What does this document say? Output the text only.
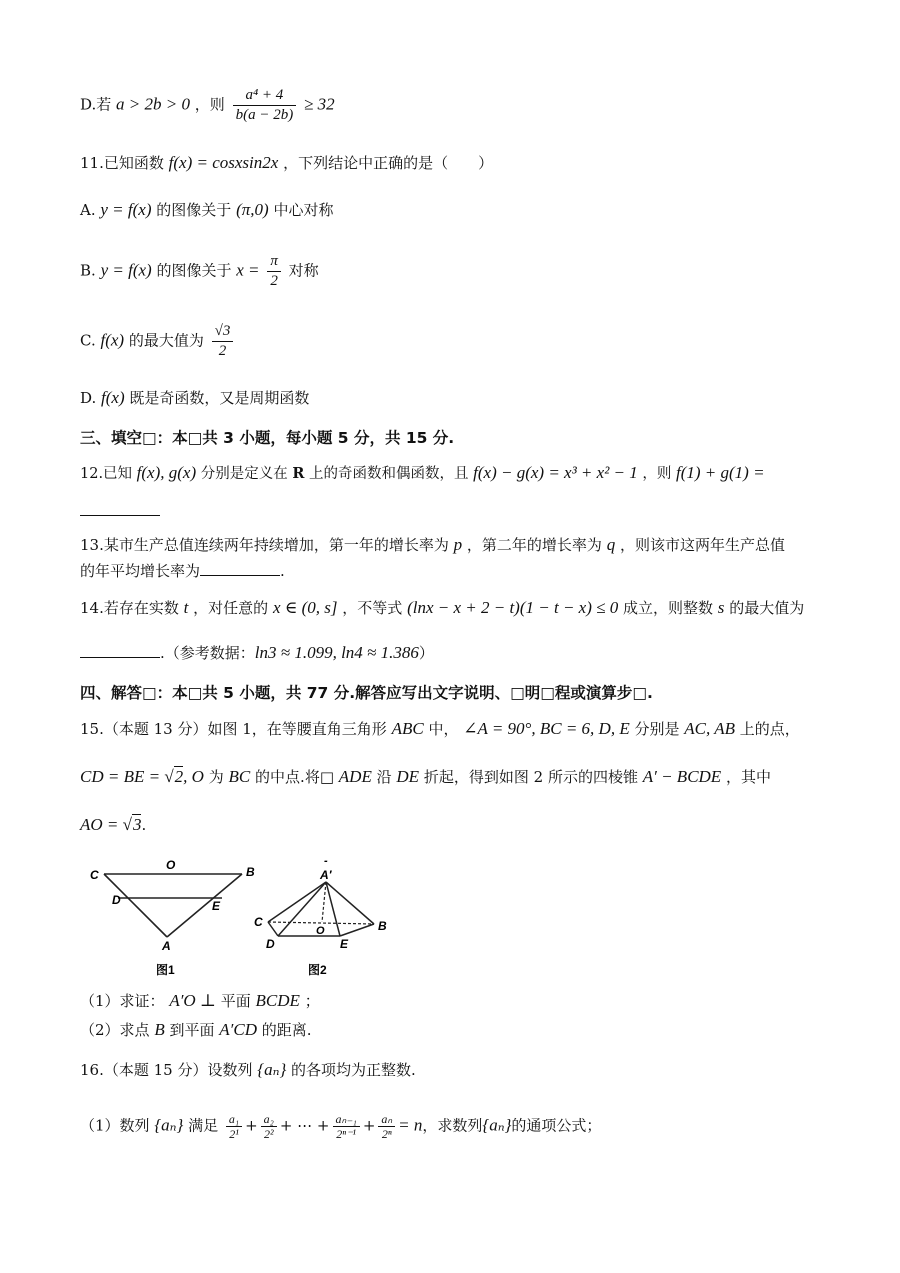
D.若 a > 2b > 0 ，则 $\frac{\text{a⁴ + 4}}{b(a - 2b)} \ge 32$
11.已知函数 f(x) = cosxsin2x ，下列结论中正确的是（　　）
A. y = f(x) 的图像关于 (π,0) 中心对称
B. y = f(x) 的图像关于 $x = \frac{\pi}{2}$ 对称
C. f(x) 的最大值为 $\frac{√3}{2}$
D. f(x) 既是奇函数，又是周期函数
三、填空□：本□共 3 小题，每小题 5 分，共 15 分.
12.已知 f(x), g(x) 分别是定义在 R 上的奇函数和偶函数，且 f(x) − g(x) = x³ + x² − 1 ，则 f(1) + g(1) =
13.某市生产总值连续两年持续增加，第一年的增长率为 p ，第二年的增长率为 q ，则该市这两年生产总值
的年平均增长率为	.
14.若存在实数 t ，对任意的 x ∈ (0, s] ，不等式 (lnx − x + 2 − t)(1 − t − x) ≤ 0 成立，则整数 s 的最大值为
.（参考数据：ln3 ≈ 1.099, ln4 ≈ 1.386）
四、解答□：本□共 5 小题，共 77 分.解答应写出文字说明、□明□程或演算步□.
15.（本题 13 分）如图 1，在等腰直角三角形 ABC 中， ∠A = 90°, BC = 6, D, E 分别是 AC, AB 上的点，
CD = BE = √2, O 为 BC 的中点.将□ ADE 沿 DE 折起，得到如图 2 所示的四棱锥 A′ − BCDE ，其中
AO = √3.
C
O	B
D	E
A
图1
-
A′
C
O	B
D	E
图2
（1）求证： A′O ⊥ 平面 BCDE ；
（2）求点 B 到平面 A′CD 的距离.
16.（本题 15 分）设数列 {aₙ} 的各项均为正整数.
（1）数列 {aₙ} 满足 $\frac{\text{a₁}}{\text{2¹}} + \frac{\text{a₂}}{\text{2²}}$ + ⋯ + $\frac{\text{aₙ₋₁}}{\text{2ⁿ⁻¹}} + \frac{\text{aₙ}}{\text{2ⁿ}} = n$，求数列{aₙ}的通项公式；
